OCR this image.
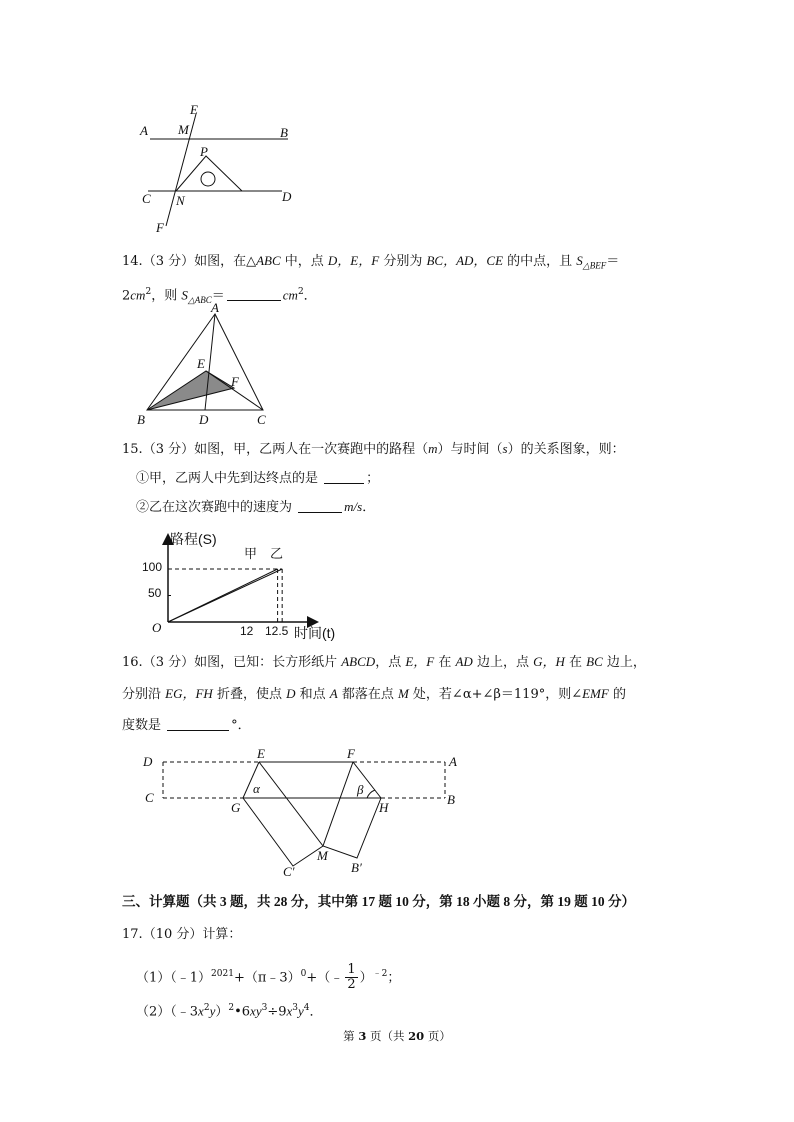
E
M
A	B
P
C N	D
F
14.（3 分）如图，在△ABC 中，点 D，E，F 分别为 BC，AD，CE 的中点，且 $S_{\triangle BEF}=$
$2cm^2$，则 $S_{\triangle ABC}=$	$cm^2$．
A
E
F
B	D	C
15.（3 分）如图，甲，乙两人在一次赛跑中的路程（m）与时间（s）的关系图象，则：
①甲，乙两人中先到达终点的是	；
②乙在这次赛跑中的速度为	m/s．
路程(S)
时间(t)
O
100
50
12 12.5
甲 乙
16.（3 分）如图，已知：长方形纸片 ABCD，点 E，F 在 AD 边上，点 G，H 在 BC 边上，
分别沿 EG，FH 折叠，使点 D 和点 A 都落在点 M 处，若∠α+∠β＝119°，则∠EMF 的
度数是	°．
D
E	F
A
C
G
α	β
H
B
M
C′	B′
三、计算题（共 3 题，共 28 分，其中第 17 题 10 分，第 18 小题 8 分，第 19 题 10 分）
17.（10 分）计算：
（1）（﹣1）$^{2021}$+（π﹣3）$^0$+（﹣ $\frac{1}{2} )^{﹣2}$；
$(2)(﹣3x^2y)^2•6xy^3\div 9x^3y^4$．
第 3 页（共 20 页）
